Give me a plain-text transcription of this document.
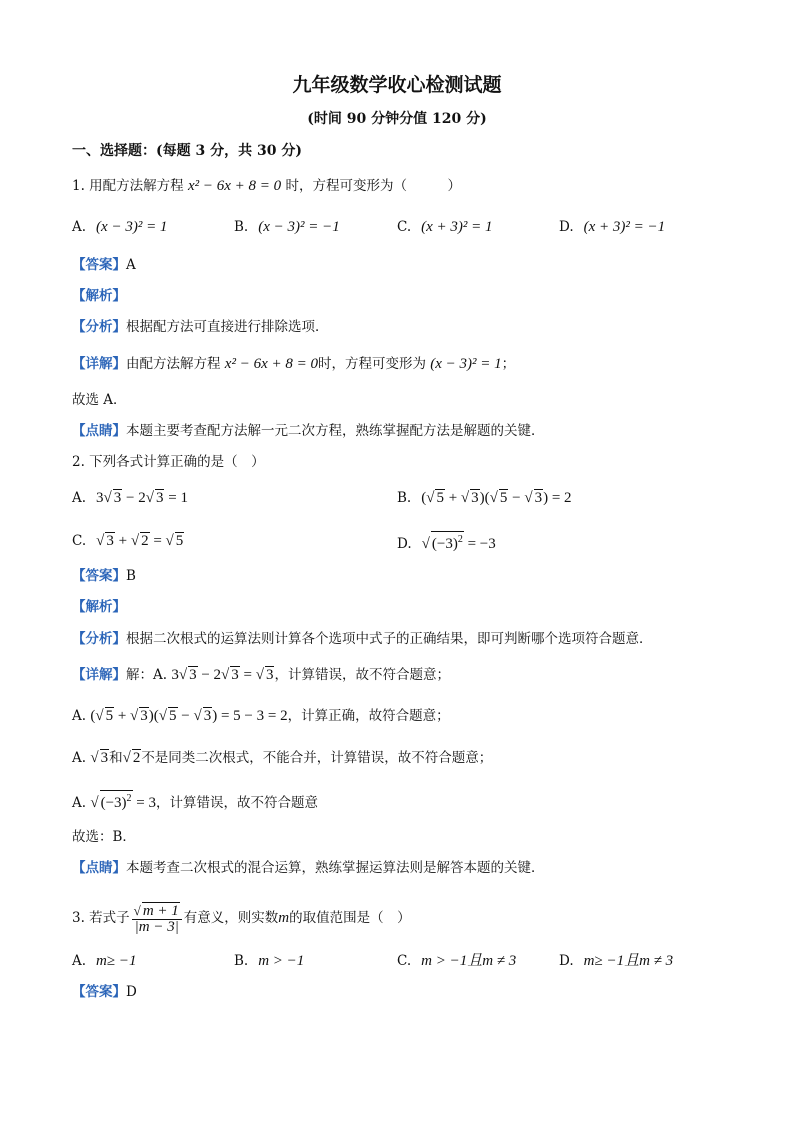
九年级数学收心检测试题
(时间 90 分钟分值 120 分)
一、选择题：(每题 3 分，共 30 分)
1. 用配方法解方程 x² − 6x + 8 = 0 时，方程可变形为（　　　）
A. (x − 3)² = 1	B. (x − 3)² = −1	C. (x + 3)² = 1	D. (x + 3)² = −1
【答案】A
【解析】
【分析】根据配方法可直接进行排除选项．
【详解】由配方法解方程 x² − 6x + 8 = 0时，方程可变形为 (x − 3)² = 1；
故选 A．
【点睛】本题主要考查配方法解一元二次方程，熟练掌握配方法是解题的关键．
2. 下列各式计算正确的是（　）
A. 3√ 3 − 2√ 3 = 1	B. (√ 5 + √ 3)(√ 5 − √ 3) = 2
C. √ 3 + √ 2 = √ 5	D. √ $(-3)^2 = -3$
【答案】B
【解析】
【分析】根据二次根式的运算法则计算各个选项中式子的正确结果，即可判断哪个选项符合题意．
【详解】解：A. 3√ 3 − 2√ 3 = √ 3，计算错误，故不符合题意；
A. (√ 5 + √ 3)(√ 5 − √ 3) = 5 − 3 = 2，计算正确，故符合题意；
A. √ 3和√ 2不是同类二次根式，不能合并，计算错误，故不符合题意；
A. √ $(-3)^2 = 3$，计算错误，故不符合题意
故选：B．
【点睛】本题考查二次根式的混合运算，熟练掌握运算法则是解答本题的关键．
3. 若式子 $\frac{√ m + 1}{|m - 3|}$ 有意义，则实数m的取值范围是（　）
A. m≥ −1	B. m > −1	C. m > −1且m ≠ 3	D. m≥ −1且m ≠ 3
【答案】D
